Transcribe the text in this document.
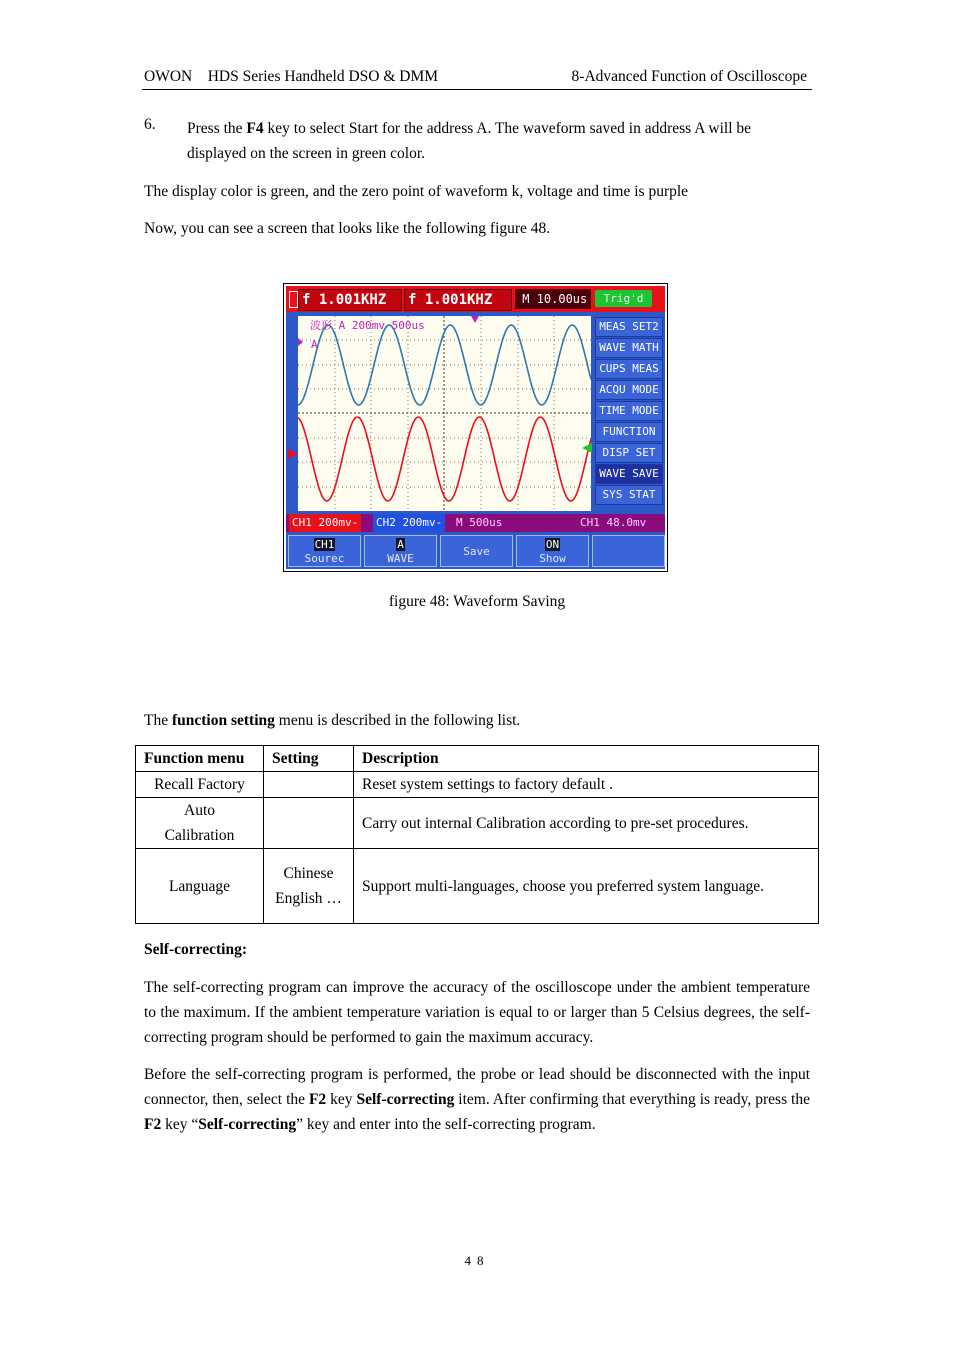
OWON    HDS Series Handheld DSO & DMM	8-Advanced Function of Oscilloscope
6. Press the F4 key to select Start for the address A. The waveform saved in address A will be displayed on the screen in green color.
The display color is green, and the zero point of waveform k, voltage and time is purple
Now, you can see a screen that looks like the following figure 48.
f 1.001KHZ f 1.001KHZ	M 10.00us	Trig'd
波形 A 200mv 500us
A
MEAS SET2
WAVE MATH
CUPS MEAS
ACQU MODE
TIME MODE
FUNCTION
DISP SET
WAVE SAVE
SYS STAT
CH1 200mv- CH2 200mv- M 500us	CH1 48.0mv
CH1
Sourec
A
WAVE
Save
ON
Show
figure 48: Waveform Saving
The function setting menu is described in the following list.
Function menu	Setting	Description
Recall Factory		Reset system settings to factory default .
Auto Calibration		Carry out internal Calibration according to pre-set procedures.
Language	Chinese English …	Support multi-languages, choose you preferred system language.
Self-correcting:
The self-correcting program can improve the accuracy of the oscilloscope under the ambient temperature to the maximum. If the ambient temperature variation is equal to or larger than 5 Celsius degrees, the self-correcting program should be performed to gain the maximum accuracy.
Before the self-correcting program is performed, the probe or lead should be disconnected with the input connector, then, select the F2 key Self-correcting item. After confirming that everything is ready, press the F2 key “Self-correcting” key and enter into the self-correcting program.
48
